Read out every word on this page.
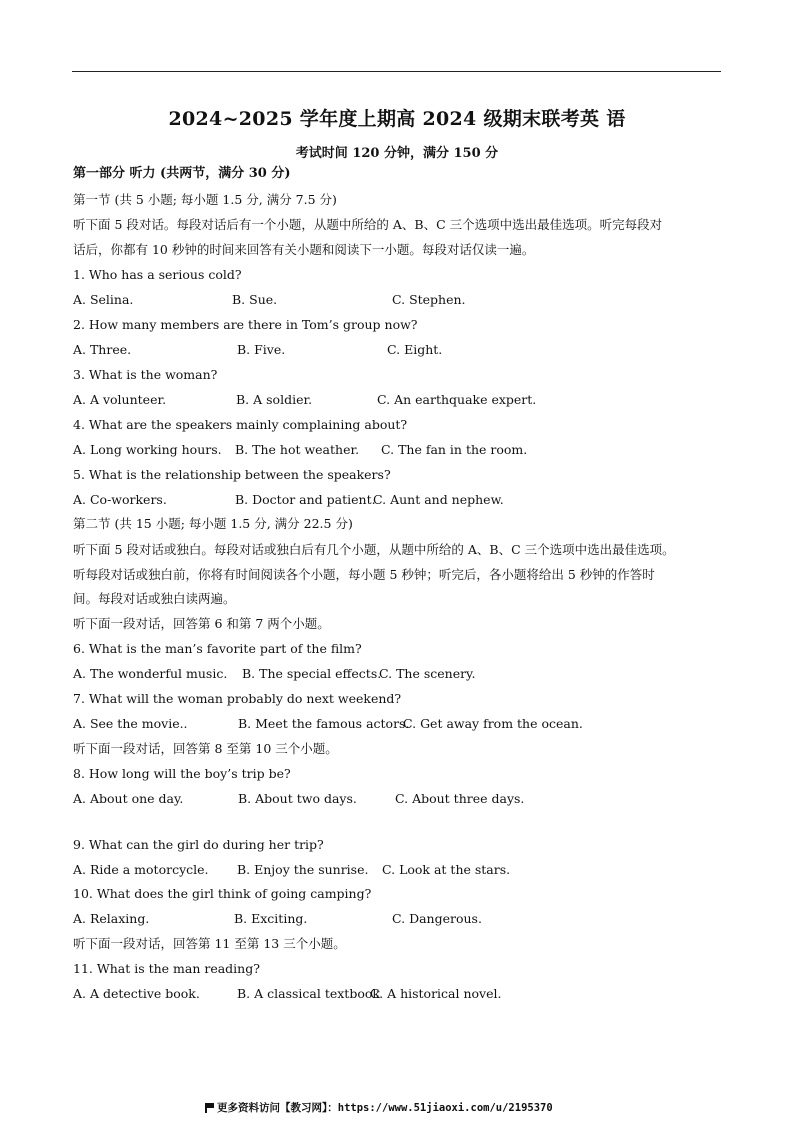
2024~2025 学年度上期高 2024 级期末联考英 语
考试时间 120 分钟，满分 150 分
第一部分 听力 (共两节，满分 30 分)
第一节 (共 5 小题; 每小题 1.5 分, 满分 7.5 分)
听下面 5 段对话。每段对话后有一个小题，从题中所给的 A、B、C 三个选项中选出最佳选项。听完每段对
话后，你都有 10 秒钟的时间来回答有关小题和阅读下一小题。每段对话仅读一遍。
1. Who has a serious cold?
A. Selina.	B. Sue.	C. Stephen.
2. How many members are there in Tom’s group now?
A. Three.	B. Five.	C. Eight.
3. What is the woman?
A. A volunteer.	B. A soldier.	C. An earthquake expert.
4. What are the speakers mainly complaining about?
A. Long working hours. B. The hot weather. C. The fan in the room.
5. What is the relationship between the speakers?
A. Co-workers.	B. Doctor and patient.
C. Aunt and nephew.
第二节 (共 15 小题; 每小题 1.5 分, 满分 22.5 分)
听下面 5 段对话或独白。每段对话或独白后有几个小题，从题中所给的 A、B、C 三个选项中选出最佳选项。
听每段对话或独白前，你将有时间阅读各个小题，每小题 5 秒钟；听完后，各小题将给出 5 秒钟的作答时
间。每段对话或独白读两遍。
听下面一段对话，回答第 6 和第 7 两个小题。
6. What is the man’s favorite part of the film?
A. The wonderful music. B. The special effects.
C. The scenery.
7. What will the woman probably do next weekend?
A. See the movie..	B. Meet the famous actors.
C. Get away from the ocean.
听下面一段对话，回答第 8 至第 10 三个小题。
8. How long will the boy’s trip be?
A. About one day.	B. About two days.	C. About three days.
9. What can the girl do during her trip?
A. Ride a motorcycle. B. Enjoy the sunrise. C. Look at the stars.
10. What does the girl think of going camping?
A. Relaxing.	B. Exciting.	C. Dangerous.
听下面一段对话，回答第 11 至第 13 三个小题。
11. What is the man reading?
A. A detective book.	B. A classical textbook
C. A historical novel.
更多资料访问【教习网】：https://www.51jiaoxi.com/u/2195370
